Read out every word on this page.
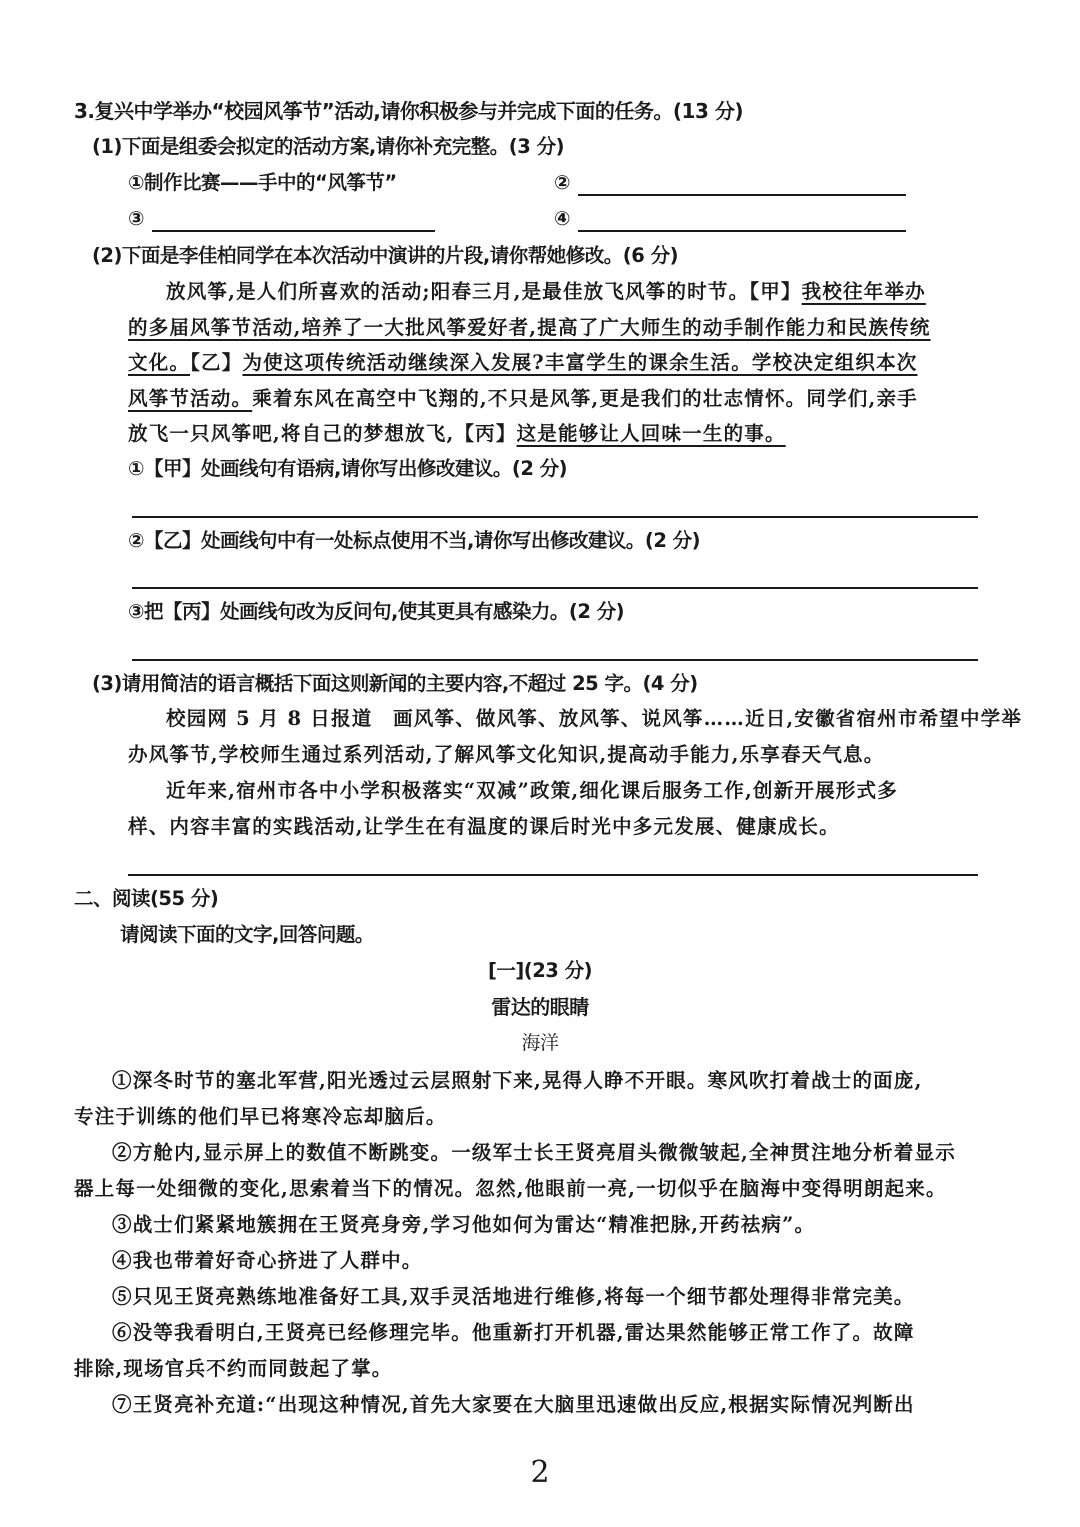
3.复兴中学举办“校园风筝节”活动,请你积极参与并完成下面的任务。(13 分)
(1)下面是组委会拟定的活动方案,请你补充完整。(3 分)
①制作比赛——手中的“风筝节”	②
③	④
(2)下面是李佳柏同学在本次活动中演讲的片段,请你帮她修改。(6 分)
放风筝,是人们所喜欢的活动;阳春三月,是最佳放飞风筝的时节。【甲】我校往年举办
的多届风筝节活动,培养了一大批风筝爱好者,提高了广大师生的动手制作能力和民族传统
文化。【乙】为使这项传统活动继续深入发展?丰富学生的课余生活。学校决定组织本次
风筝节活动。乘着东风在高空中飞翔的,不只是风筝,更是我们的壮志情怀。同学们,亲手
放飞一只风筝吧,将自己的梦想放飞,【丙】这是能够让人回味一生的事。
①【甲】处画线句有语病,请你写出修改建议。(2 分)
②【乙】处画线句中有一处标点使用不当,请你写出修改建议。(2 分)
③把【丙】处画线句改为反问句,使其更具有感染力。(2 分)
(3)请用简洁的语言概括下面这则新闻的主要内容,不超过 25 字。(4 分)
校园网 5 月 8 日报道　画风筝、做风筝、放风筝、说风筝……近日,安徽省宿州市希望中学举
办风筝节,学校师生通过系列活动,了解风筝文化知识,提高动手能力,乐享春天气息。
近年来,宿州市各中小学积极落实“双减”政策,细化课后服务工作,创新开展形式多
样、内容丰富的实践活动,让学生在有温度的课后时光中多元发展、健康成长。
二、阅读(55 分)
请阅读下面的文字,回答问题。
[一](23 分)
雷达的眼睛
海洋
①深冬时节的塞北军营,阳光透过云层照射下来,晃得人睁不开眼。寒风吹打着战士的面庞,
专注于训练的他们早已将寒冷忘却脑后。
②方舱内,显示屏上的数值不断跳变。一级军士长王贤亮眉头微微皱起,全神贯注地分析着显示
器上每一处细微的变化,思索着当下的情况。忽然,他眼前一亮,一切似乎在脑海中变得明朗起来。
③战士们紧紧地簇拥在王贤亮身旁,学习他如何为雷达“精准把脉,开药祛病”。
④我也带着好奇心挤进了人群中。
⑤只见王贤亮熟练地准备好工具,双手灵活地进行维修,将每一个细节都处理得非常完美。
⑥没等我看明白,王贤亮已经修理完毕。他重新打开机器,雷达果然能够正常工作了。故障
排除,现场官兵不约而同鼓起了掌。
⑦王贤亮补充道:“出现这种情况,首先大家要在大脑里迅速做出反应,根据实际情况判断出
2
